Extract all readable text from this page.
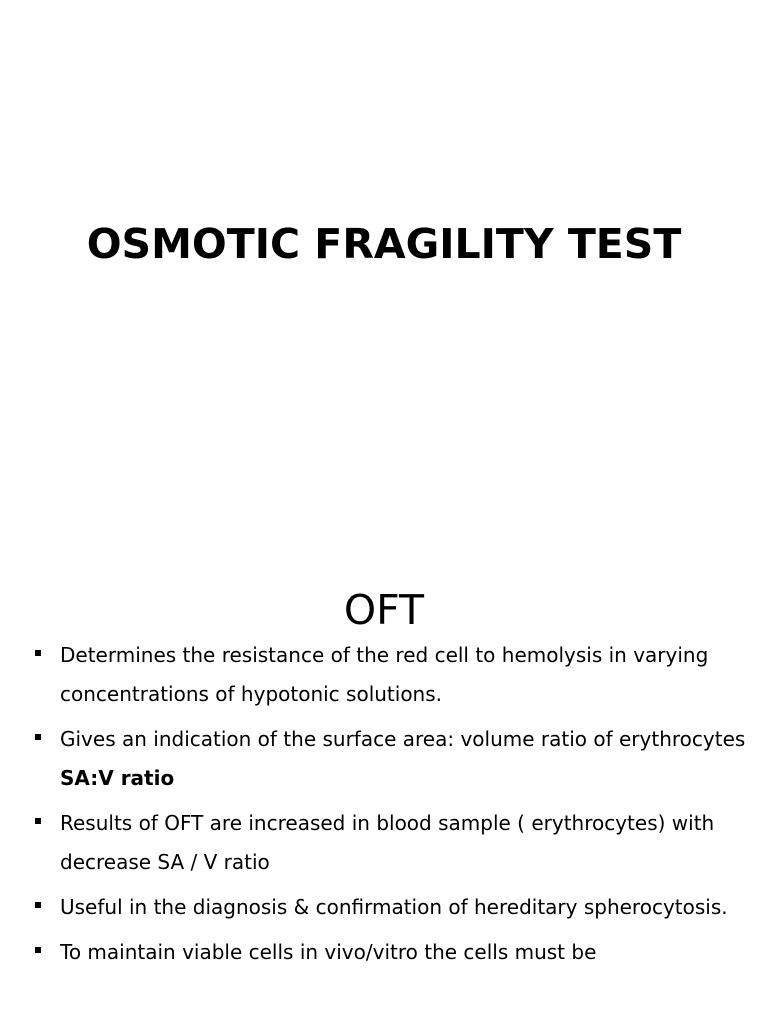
OSMOTIC FRAGILITY TEST
OFT
Determines the resistance of the red cell to hemolysis in varying concentrations of hypotonic solutions.
Gives an indication of the surface area: volume ratio of erythrocytes SA:V ratio
Results of OFT are increased in blood sample ( erythrocytes) with decrease SA / V ratio
Useful in the diagnosis & confirmation of hereditary spherocytosis.
To maintain viable cells in vivo/vitro the cells must be
